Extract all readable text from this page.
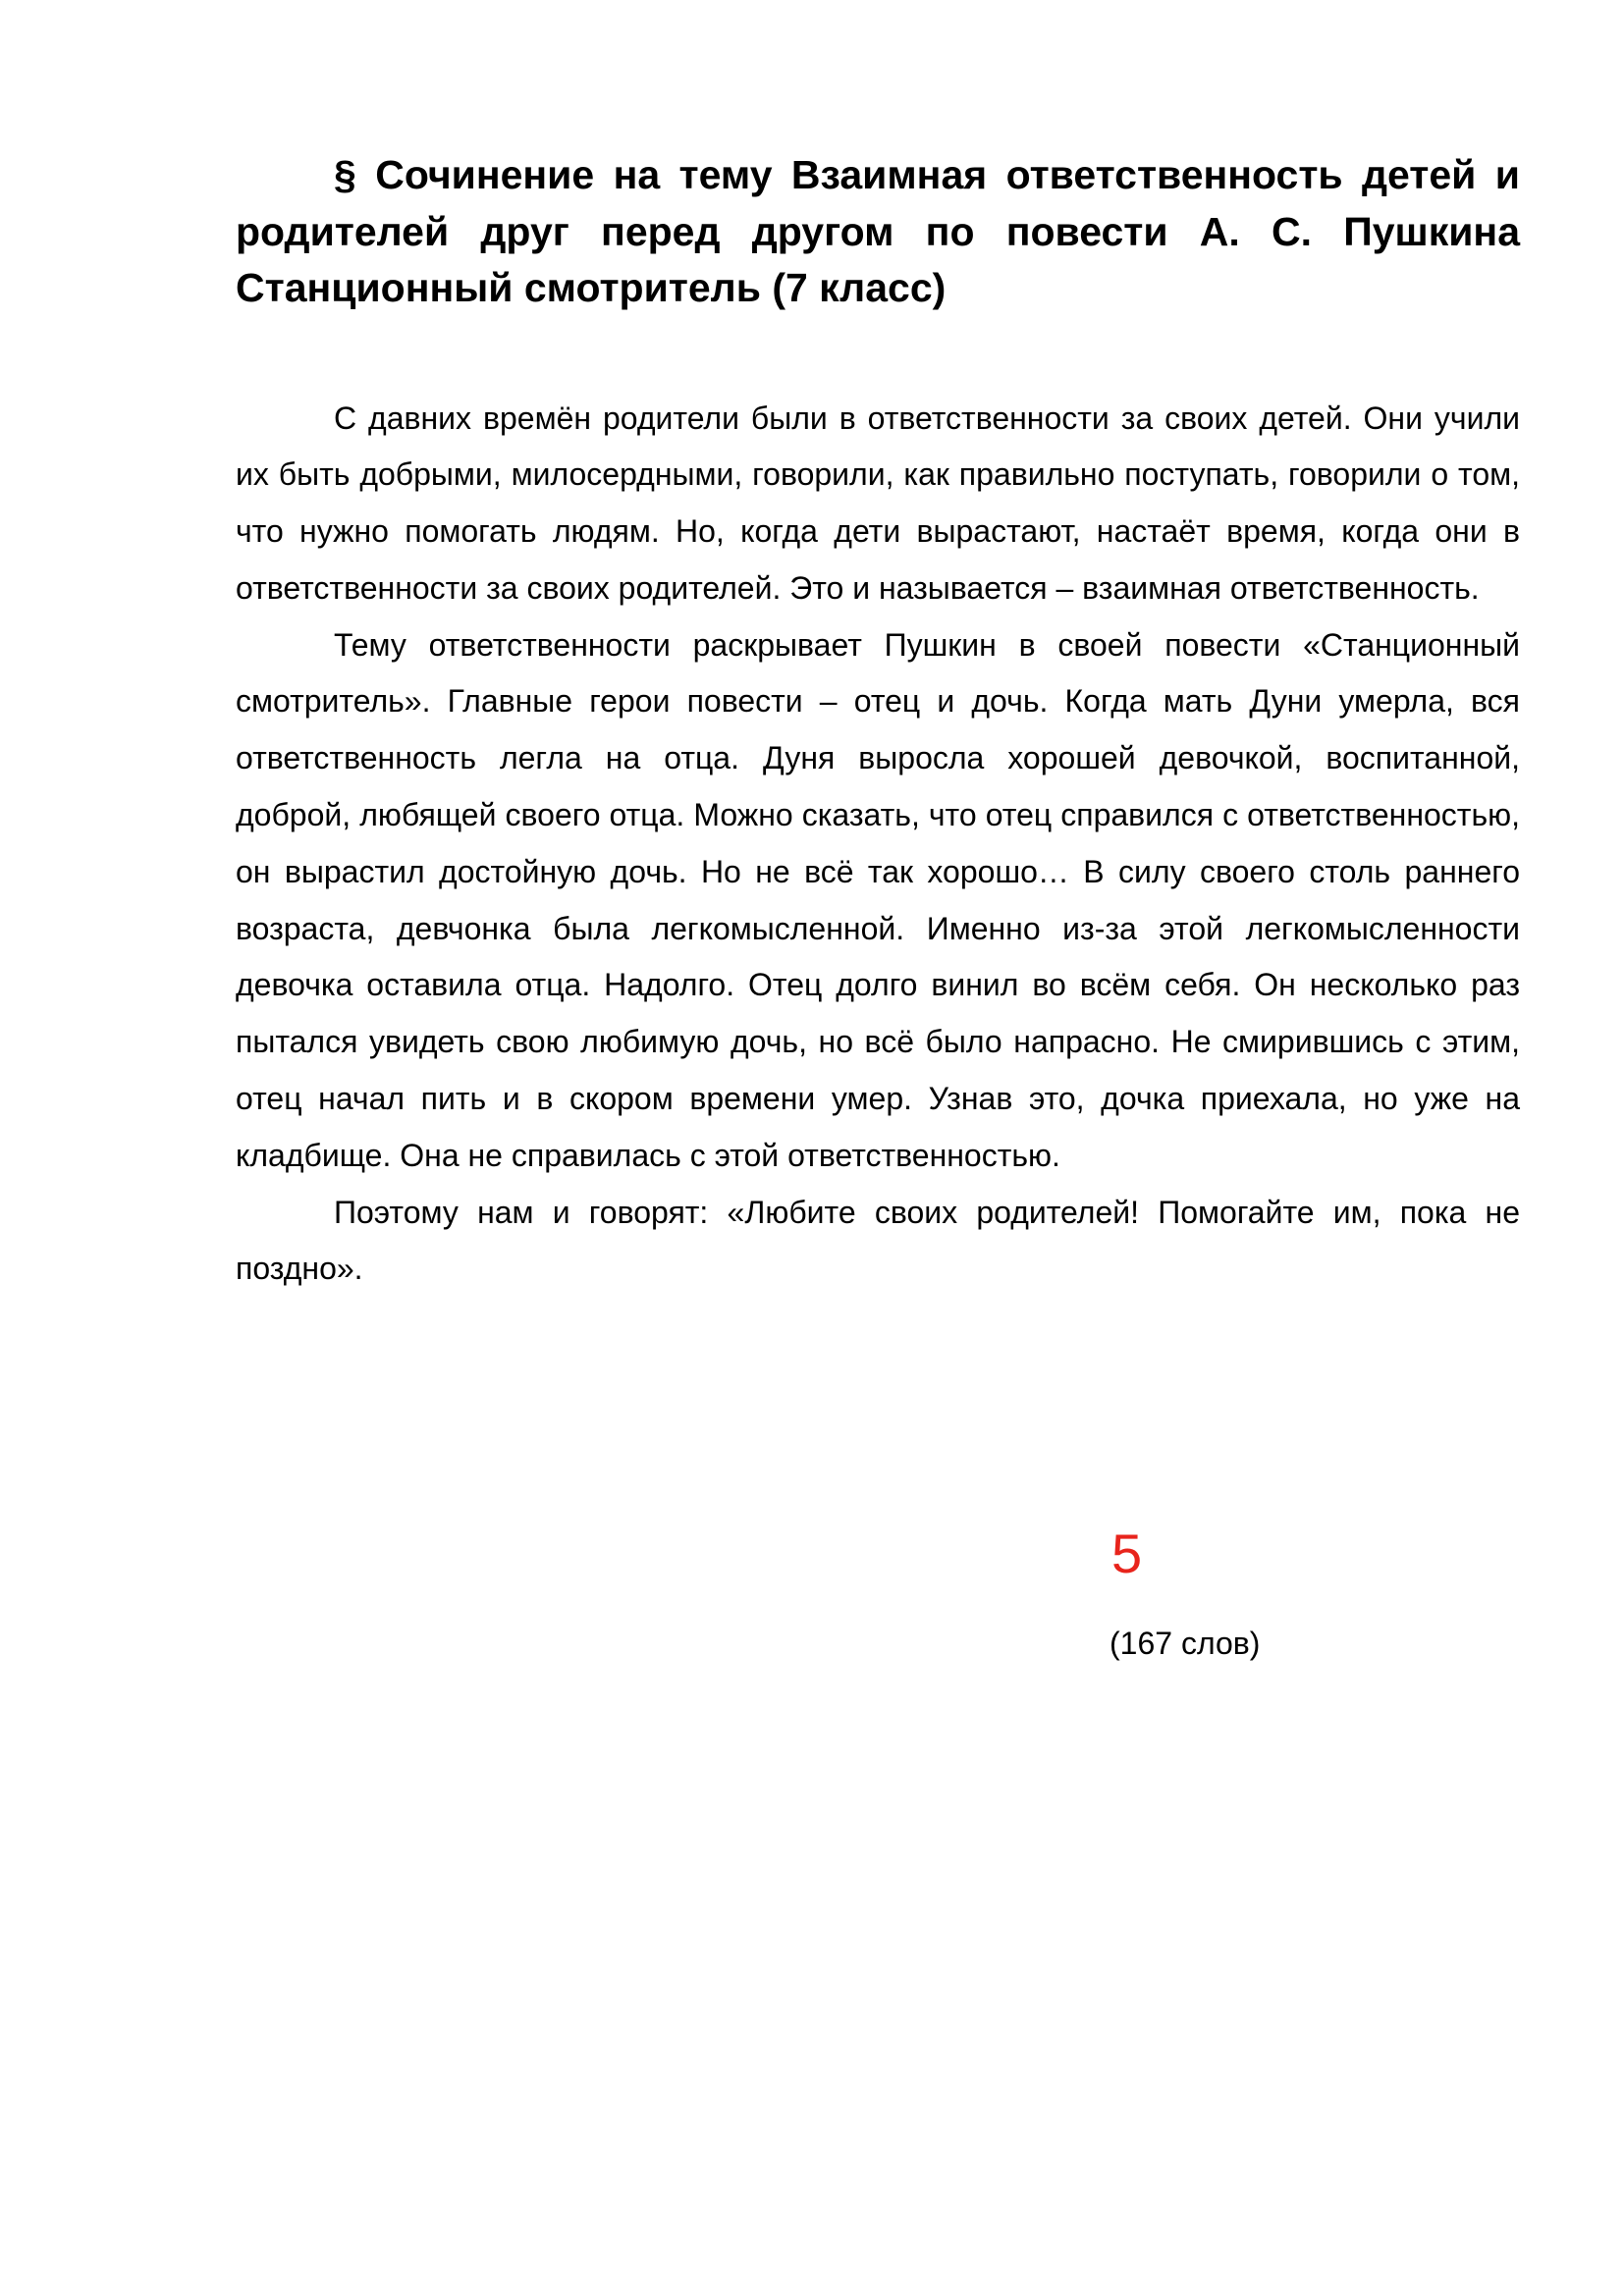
§ Сочинение на тему Взаимная ответственность детей и родителей друг перед другом по повести А. С. Пушкина Станционный смотритель (7 класс)

С давних времён родители были в ответственности за своих детей. Они учили их быть добрыми, милосердными, говорили, как правильно поступать, говорили о том, что нужно помогать людям. Но, когда дети вырастают, настаёт время, когда они в ответственности за своих родителей. Это и называется – взаимная ответственность.

Тему ответственности раскрывает Пушкин в своей повести «Станционный смотритель». Главные герои повести – отец и дочь. Когда мать Дуни умерла, вся ответственность легла на отца. Дуня выросла хорошей девочкой, воспитанной, доброй, любящей своего отца. Можно сказать, что отец справился с ответственностью, он вырастил достойную дочь. Но не всё так хорошо… В силу своего столь раннего возраста, девчонка была легкомысленной. Именно из-за этой легкомысленности девочка оставила отца. Надолго. Отец долго винил во всём себя. Он несколько раз пытался увидеть свою любимую дочь, но всё было напрасно. Не смирившись с этим, отец начал пить и в скором времени умер. Узнав это, дочка приехала, но уже на кладбище. Она не справилась с этой ответственностью.

Поэтому нам и говорят: «Любите своих родителей! Помогайте им, пока не поздно».

5
(167 слов)
